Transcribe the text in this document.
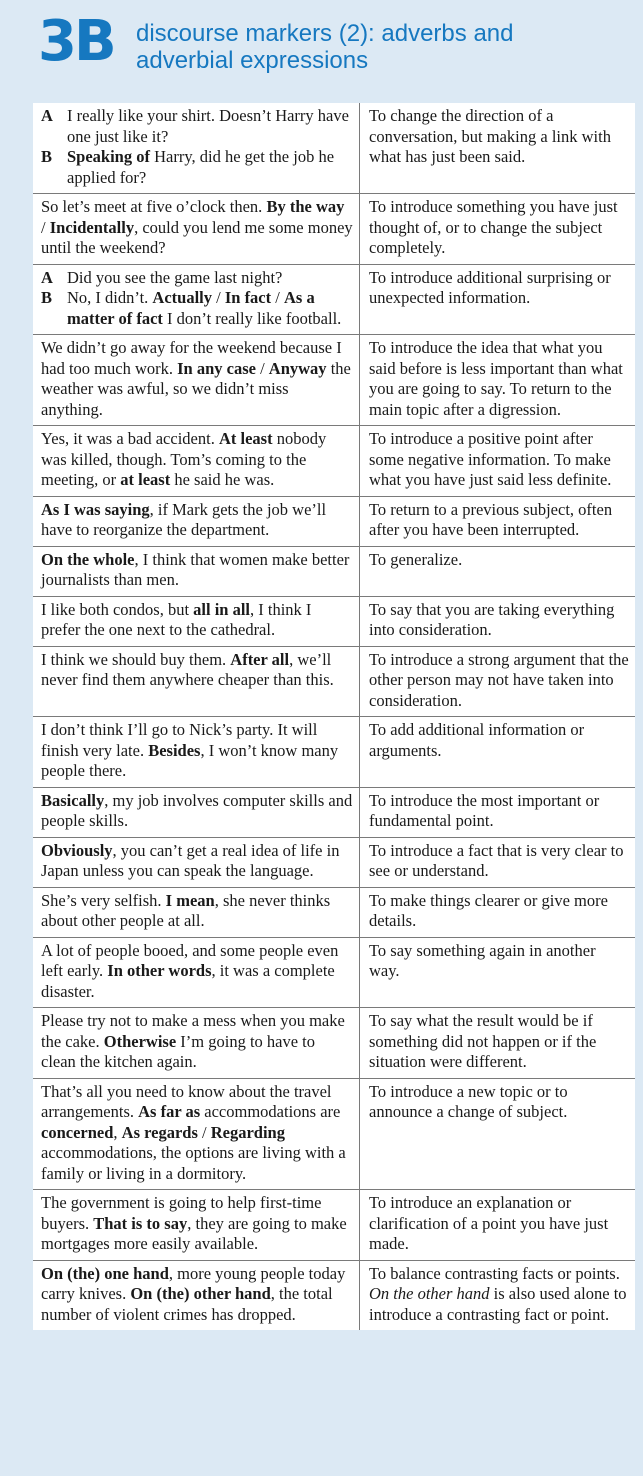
3B discourse markers (2): adverbs and
adverbial expressions
A I really like your shirt. Doesn’t Harry have one just like it?
B Speaking of Harry, did he get the job he applied for?
To change the direction of a conversation, but making a link with what has just been said.
So let’s meet at five o’clock then. By the way / Incidentally, could you lend me some money until the weekend?
To introduce something you have just thought of, or to change the subject completely.
A Did you see the game last night?
B No, I didn’t. Actually / In fact / As a matter of fact I don’t really like football.
To introduce additional surprising or unexpected information.
We didn’t go away for the weekend because I had too much work. In any case / Anyway the weather was awful, so we didn’t miss anything.
To introduce the idea that what you said before is less important than what you are going to say. To return to the main topic after a digression.
Yes, it was a bad accident. At least nobody was killed, though. Tom’s coming to the meeting, or at least he said he was.
To introduce a positive point after some negative information. To make what you have just said less definite.
As I was saying, if Mark gets the job we’ll have to reorganize the department.
To return to a previous subject, often after you have been interrupted.
On the whole, I think that women make better journalists than men.
To generalize.
I like both condos, but all in all, I think I prefer the one next to the cathedral.
To say that you are taking everything into consideration.
I think we should buy them. After all, we’ll never find them anywhere cheaper than this.
To introduce a strong argument that the other person may not have taken into consideration.
I don’t think I’ll go to Nick’s party. It will finish very late. Besides, I won’t know many people there.
To add additional information or arguments.
Basically, my job involves computer skills and people skills.
To introduce the most important or fundamental point.
Obviously, you can’t get a real idea of life in Japan unless you can speak the language.
To introduce a fact that is very clear to see or understand.
She’s very selfish. I mean, she never thinks about other people at all.
To make things clearer or give more details.
A lot of people booed, and some people even left early. In other words, it was a complete disaster.
To say something again in another way.
Please try not to make a mess when you make the cake. Otherwise I’m going to have to clean the kitchen again.
To say what the result would be if something did not happen or if the situation were different.
That’s all you need to know about the travel arrangements. As far as accommodations are concerned, As regards / Regarding accommodations, the options are living with a family or living in a dormitory.
To introduce a new topic or to announce a change of subject.
The government is going to help first-time buyers. That is to say, they are going to make mortgages more easily available.
To introduce an explanation or clarification of a point you have just made.
On (the) one hand, more young people today carry knives. On (the) other hand, the total number of violent crimes has dropped.
To balance contrasting facts or points. On the other hand is also used alone to introduce a contrasting fact or point.
